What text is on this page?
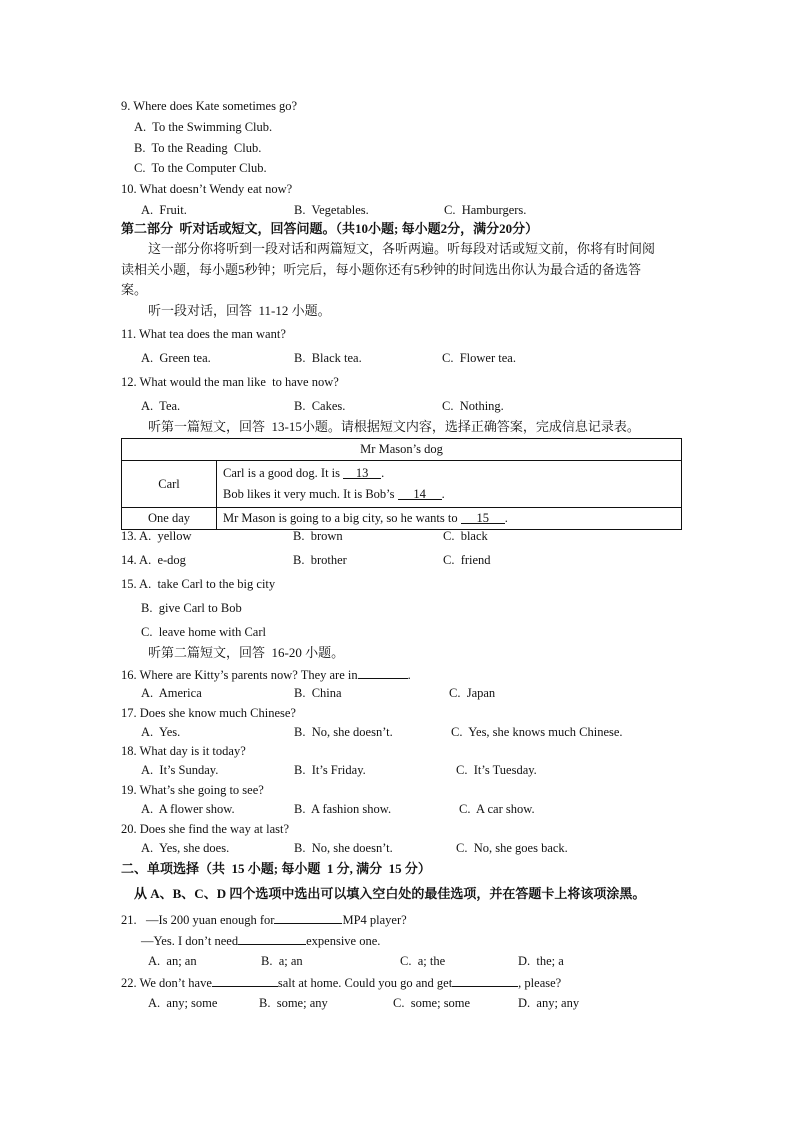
9. Where does Kate sometimes go?
A.  To the Swimming Club.
B.  To the Reading  Club.
C.  To the Computer Club.
10. What doesn’t Wendy eat now?
A.  Fruit.	B.  Vegetables.	C.  Hamburgers.
第二部分  听对话或短文，回答问题。（共10小题; 每小题2分，满分20分）
这一部分你将听到一段对话和两篇短文，各听两遍。听每段对话或短文前，你将有时间阅
读相关小题，每小题5秒钟；听完后，每小题你还有5秒钟的时间选出你认为最合适的备选答
案。
听一段对话，回答  11-12 小题。
11. What tea does the man want?
A.  Green tea.	B.  Black tea.	C.  Flower tea.
12. What would the man like  to have now?
A.  Tea.	B.  Cakes.	C.  Nothing.
听第一篇短文，回答  13-15小题。请根据短文内容，选择正确答案，完成信息记录表。
Mr Mason’s dog	
Carl	Carl is a good dog. It is 13 .
Bob likes it very much. It is Bob’s 14 .

One day	Mr Mason is going to a big city, so he wants to 15 .
13. A.  yellow	B.  brown	C.  black
14. A.  e-dog	B.  brother	C.  friend
15. A.  take Carl to the big city
B.  give Carl to Bob
C.  leave home with Carl
听第二篇短文，回答  16-20 小题。
16. Where are Kitty’s parents now? They are in	.
A.  America	B.  China	C.  Japan
17. Does she know much Chinese?
A.  Yes.	B.  No, she doesn’t.	C.  Yes, she knows much Chinese.
18. What day is it today?
A.  It’s Sunday.	B.  It’s Friday.	C.  It’s Tuesday.
19. What’s she going to see?
A.  A flower show.	B.  A fashion show.	C.  A car show.
20. Does she find the way at last?
A.  Yes, she does.	B.  No, she doesn’t.	C.  No, she goes back.
二、单项选择（共  15 小题; 每小题  1 分, 满分  15 分）
从 A、B、C、D 四个选项中选出可以填入空白处的最佳选项，并在答题卡上将该项涂黑。
21.   —Is 200 yuan enough for	MP4 player?
—Yes. I don’t need	expensive one.
A.  an; an	B.  a; an	C.  a; the	D.  the; a
22. We don’t have	salt at home. Could you go and get	, please?
A.  any; some	B.  some; any	C.  some; some	D.  any; any
